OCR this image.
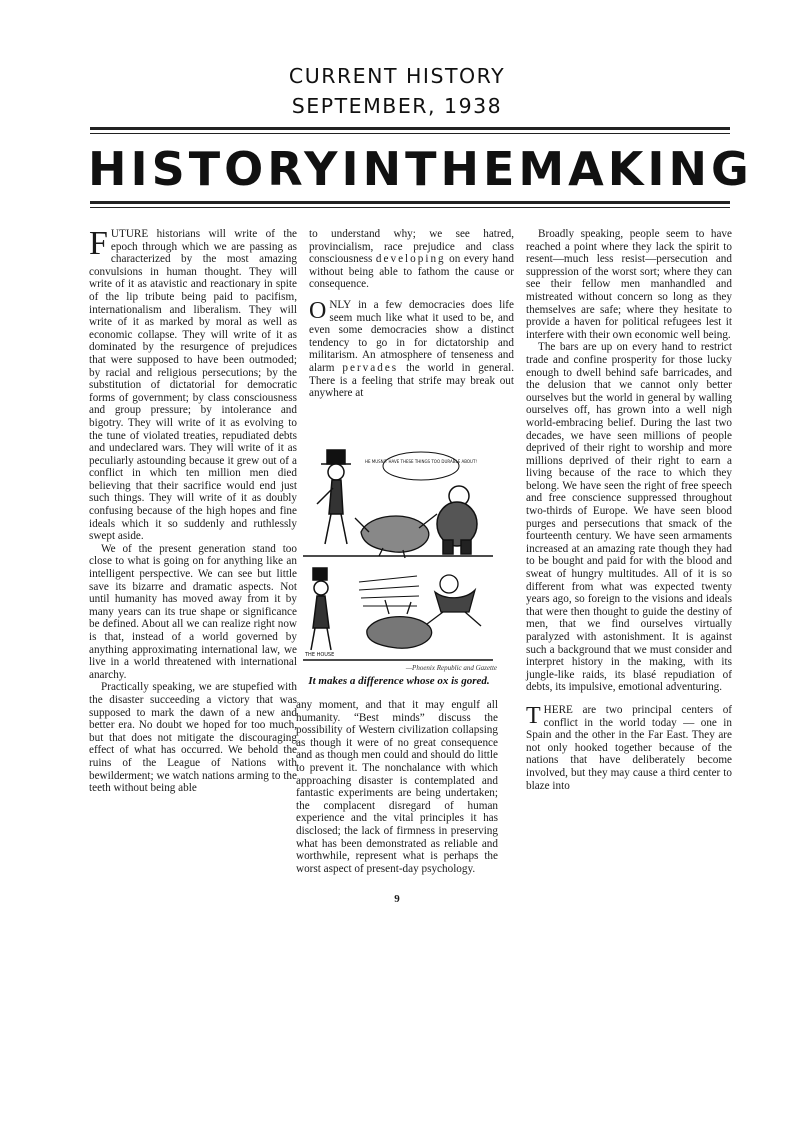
CURRENT HISTORY
SEPTEMBER, 1938
HISTORY IN THE MAKING

FUTURE historians will write of the epoch through which we are passing as characterized by the most amazing convulsions in human thought. They will write of it as atavistic and reactionary in spite of the lip tribute being paid to pacifism, internationalism and liberalism. They will write of it as marked by moral as well as economic collapse. They will write of it as dominated by the resurgence of prejudices that were supposed to have been outmoded; by racial and religious persecutions; by the substitution of dictatorial for democratic forms of government; by class consciousness and group pressure; by intolerance and bigotry. They will write of it as evolving to the tune of violated treaties, repudiated debts and undeclared wars. They will write of it as peculiarly astounding because it grew out of a conflict in which ten million men died believing that their sacrifice would end just such things. They will write of it as doubly confusing because of the high hopes and fine ideals which it so suddenly and ruthlessly swept aside.

We of the present generation stand too close to what is going on for anything like an intelligent perspective. We can see but little save its bizarre and dramatic aspects. Not until humanity has moved away from it by many years can its true shape or significance be defined. About all we can realize right now is that, instead of a world governed by anything approximating international law, we live in a world threatened with international anarchy.

Practically speaking, we are stupefied with the disaster succeeding a victory that was supposed to mark the dawn of a new and better era. No doubt we hoped for too much, but that does not mitigate the discouraging effect of what has occurred. We behold the ruins of the League of Nations with bewilderment; we watch nations arming to the teeth without being able

to understand why; we see hatred, provincialism, race prejudice and class consciousness developing on every hand without being able to fathom the cause or consequence.

ONLY in a few democracies does life seem much like what it used to be, and even some democracies show a distinct tendency to go in for dictatorship and militarism. An atmosphere of tenseness and alarm pervades the world in general. There is a feeling that strife may break out anywhere at

HE MUSN'T HAVE THESE THINGS TOO DURABLE ABOUT!
THE HOUSE
—Phoenix Republic and Gazette
It makes a difference whose ox is gored.

any moment, and that it may engulf all humanity. “Best minds” discuss the possibility of Western civilization collapsing as though it were of no great consequence and as though men could and should do little to prevent it. The nonchalance with which approaching disaster is contemplated and fantastic experiments are being undertaken; the complacent disregard of human experience and the vital principles it has disclosed; the lack of firmness in preserving what has been demonstrated as reliable and worthwhile, represent what is perhaps the worst aspect of present-day psychology.

Broadly speaking, people seem to have reached a point where they lack the spirit to resent—much less resist—persecution and suppression of the worst sort; where they can see their fellow men manhandled and mistreated without concern so long as they themselves are safe; where they hesitate to provide a haven for political refugees lest it interfere with their own economic well being.

The bars are up on every hand to restrict trade and confine prosperity for those lucky enough to dwell behind safe barricades, and the delusion that we cannot only better ourselves but the world in general by walling ourselves off, has grown into a well nigh world-embracing belief. During the last two decades, we have seen millions of people deprived of their right to worship and more millions deprived of their right to earn a living because of the race to which they belong. We have seen the right of free speech and free conscience suppressed throughout two-thirds of Europe. We have seen blood purges and persecutions that smack of the fourteenth century. We have seen armaments increased at an amazing rate though they had to be bought and paid for with the blood and sweat of hungry multitudes. All of it is so different from what was expected twenty years ago, so foreign to the visions and ideals that were then thought to guide the destiny of men, that we find ourselves virtually paralyzed with astonishment. It is against such a background that we must consider and interpret history in the making, with its jungle-like raids, its blasé repudiation of debts, its impulsive, emotional adventuring.

THERE are two principal centers of conflict in the world today — one in Spain and the other in the Far East. They are not only hooked together because of the nations that have deliberately become involved, but they may cause a third center to blaze into

9
